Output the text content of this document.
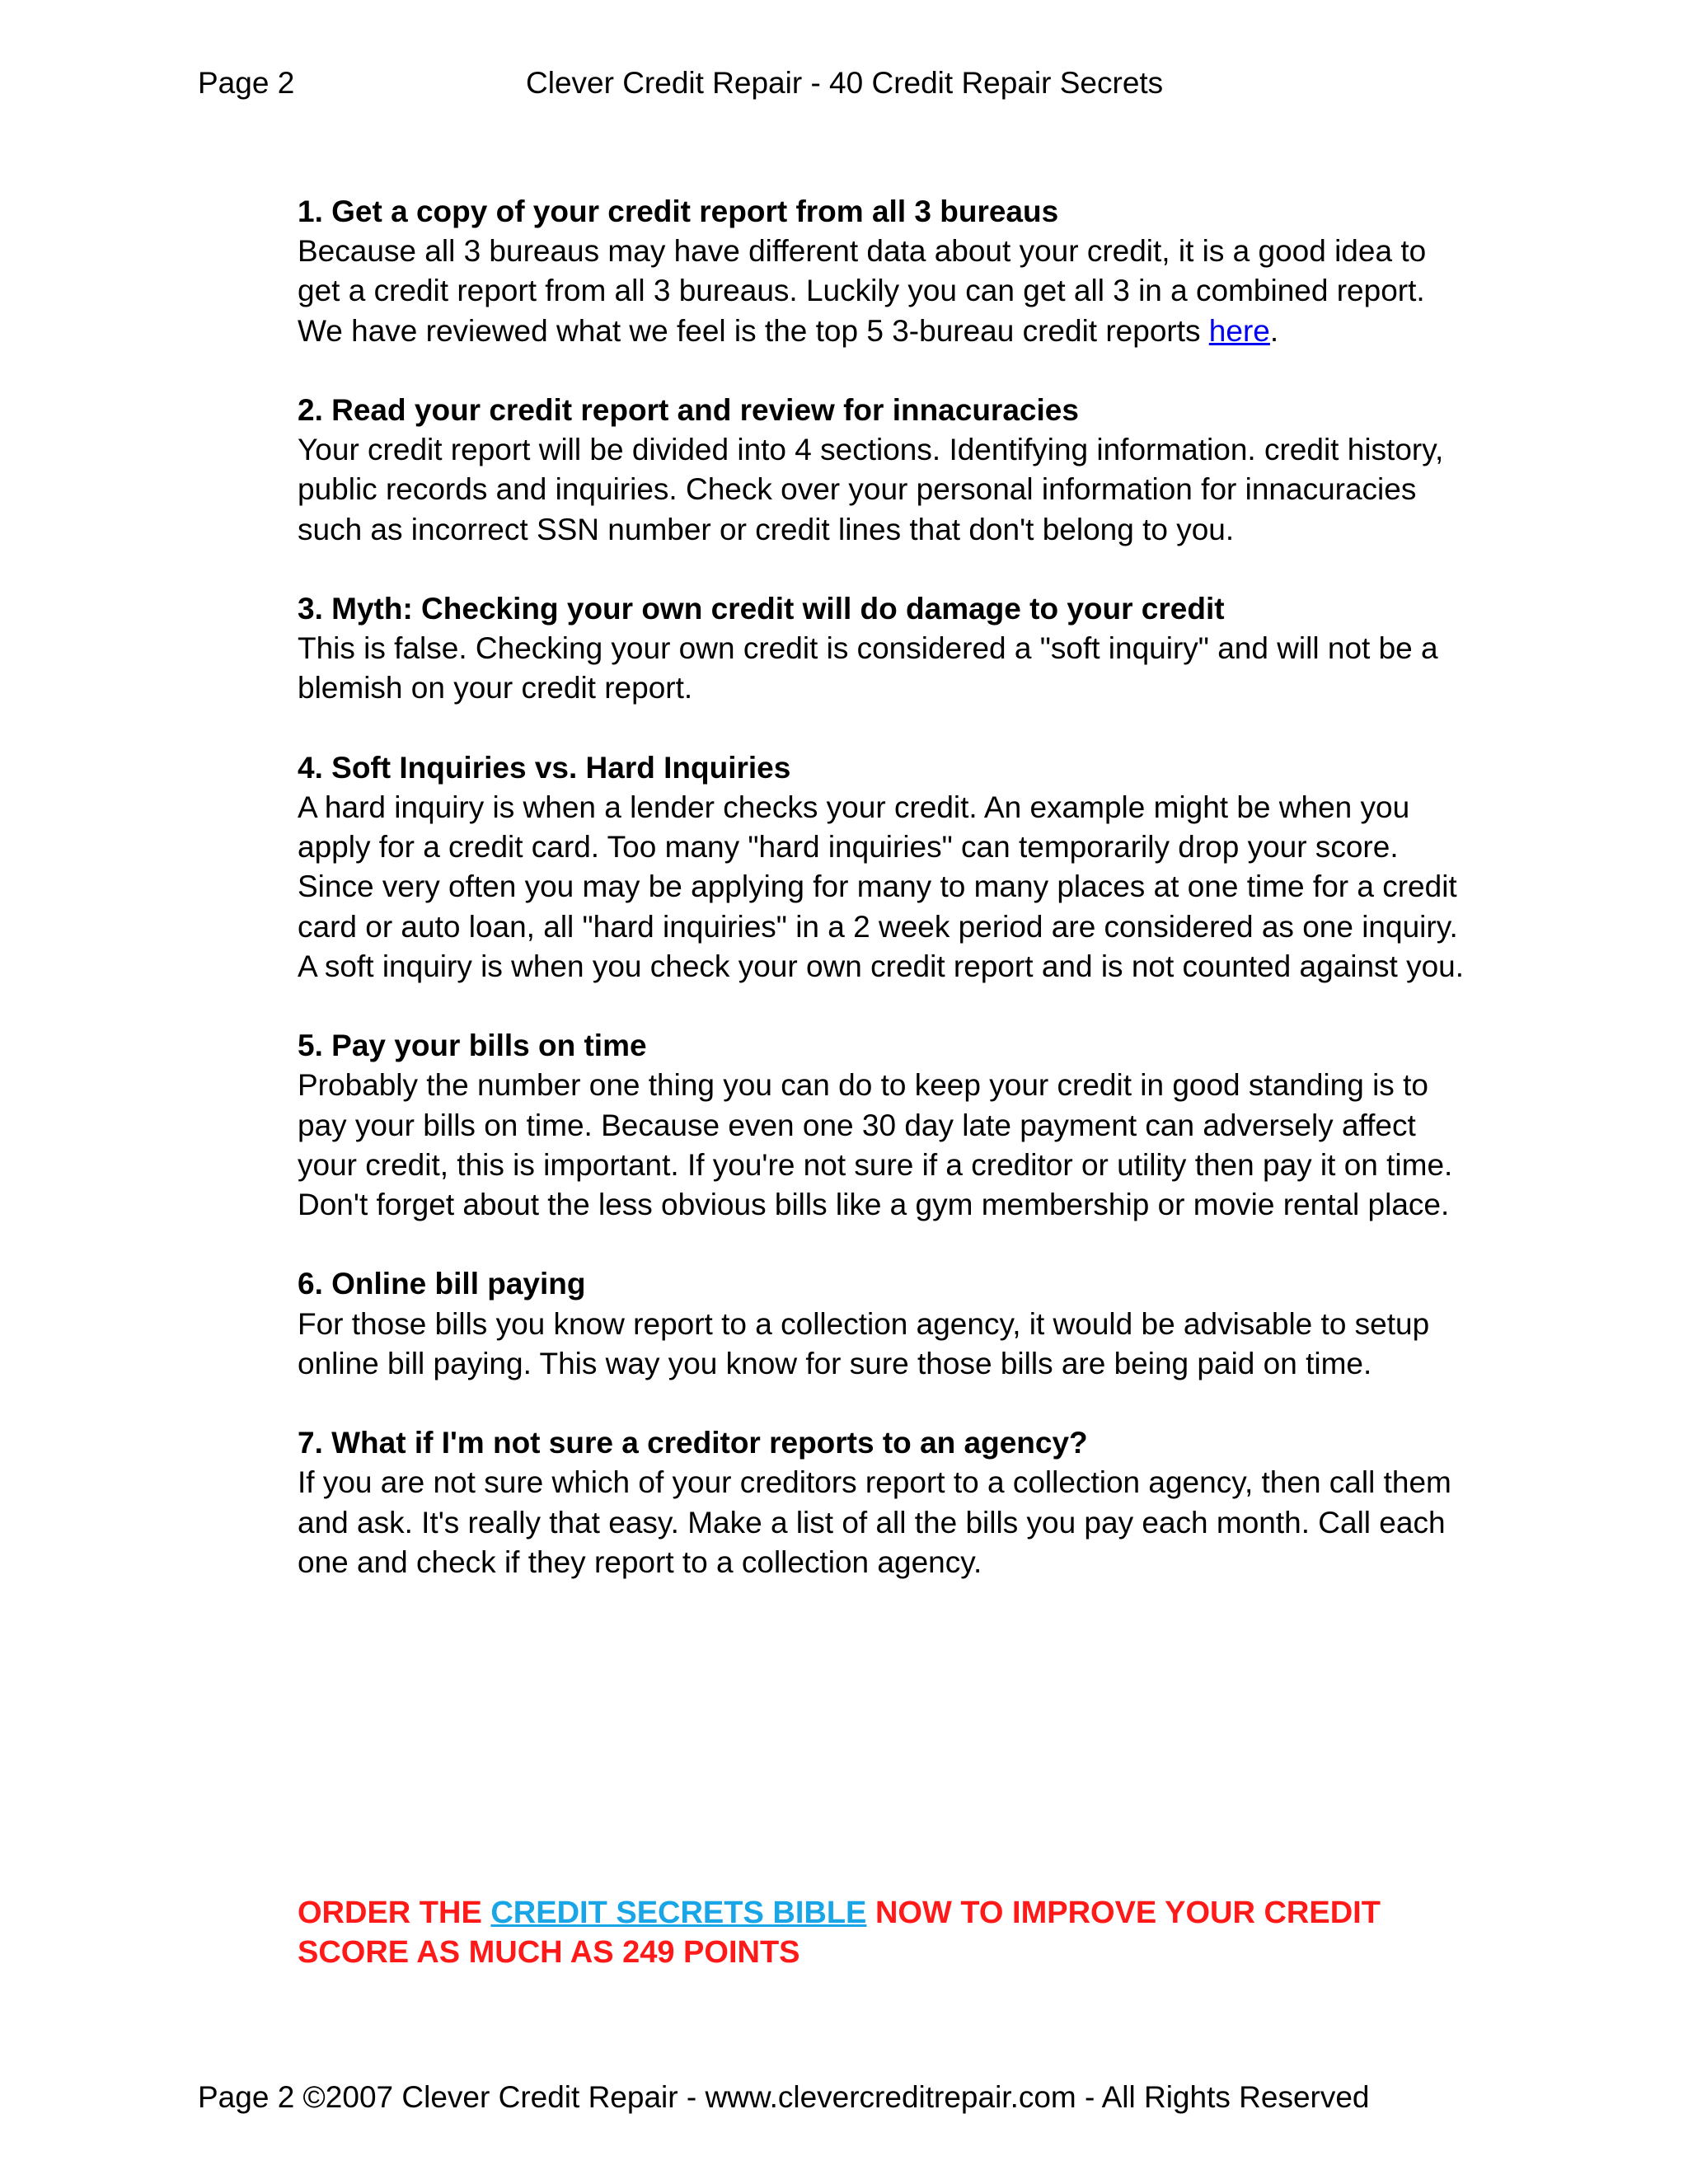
Page 2	Clever Credit Repair - 40 Credit Repair Secrets
1. Get a copy of your credit report from all 3 bureaus
Because all 3 bureaus may have different data about your credit, it is a good idea to get a credit report from all 3 bureaus. Luckily you can get all 3 in a combined report. We have reviewed what we feel is the top 5 3-bureau credit reports here.
2. Read your credit report and review for innacuracies
Your credit report will be divided into 4 sections. Identifying information. credit history, public records and inquiries. Check over your personal information for innacuracies such as incorrect SSN number or credit lines that don't belong to you.
3. Myth: Checking your own credit will do damage to your credit
This is false. Checking your own credit is considered a "soft inquiry" and will not be a blemish on your credit report.
4. Soft Inquiries vs. Hard Inquiries
A hard inquiry is when a lender checks your credit. An example might be when you apply for a credit card. Too many "hard inquiries" can temporarily drop your score. Since very often you may be applying for many to many places at one time for a credit card or auto loan, all "hard inquiries" in a 2 week period are considered as one inquiry. A soft inquiry is when you check your own credit report and is not counted against you.
5. Pay your bills on time
Probably the number one thing you can do to keep your credit in good standing is to pay your bills on time. Because even one 30 day late payment can adversely affect your credit, this is important. If you're not sure if a creditor or utility then pay it on time. Don't forget about the less obvious bills like a gym membership or movie rental place.
6. Online bill paying
For those bills you know report to a collection agency, it would be advisable to setup online bill paying. This way you know for sure those bills are being paid on time.
7. What if I'm not sure a creditor reports to an agency?
If you are not sure which of your creditors report to a collection agency, then call them and ask. It's really that easy. Make a list of all the bills you pay each month. Call each one and check if they report to a collection agency.
ORDER THE CREDIT SECRETS BIBLE NOW TO IMPROVE YOUR CREDIT SCORE AS MUCH AS 249 POINTS
Page 2 ©2007 Clever Credit Repair - www.clevercreditrepair.com - All Rights Reserved
